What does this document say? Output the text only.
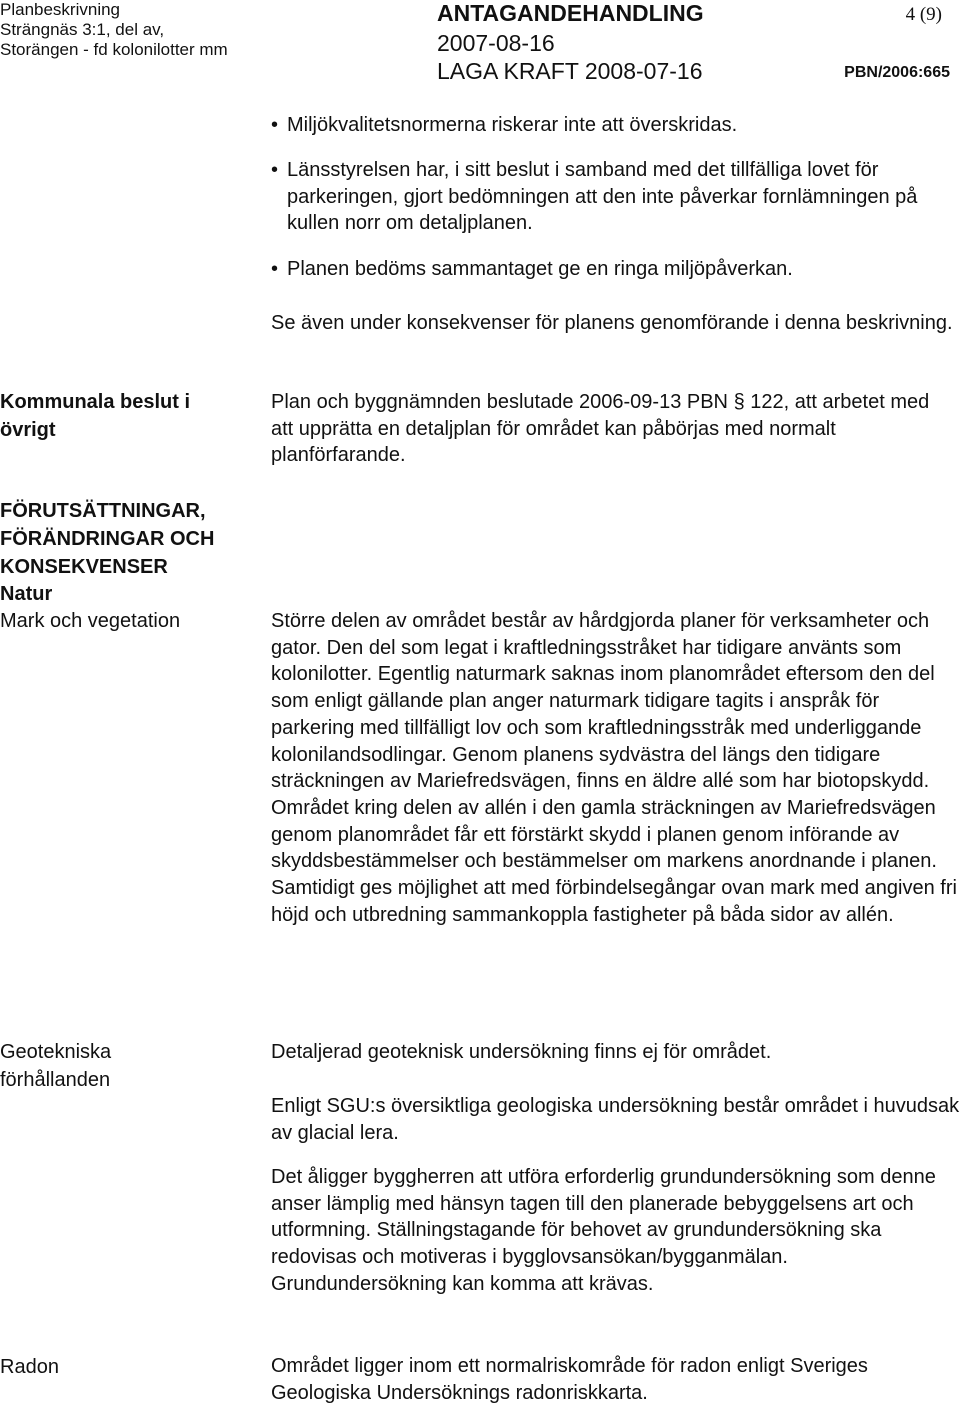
Planbeskrivning
Strängnäs 3:1, del av,
Storängen - fd kolonilotter mm
ANTAGANDEHANDLING
2007-08-16
LAGA KRAFT 2008-07-16
4 (9)
PBN/2006:665
• Miljökvalitetsnormerna riskerar inte att överskridas.
• Länsstyrelsen har, i sitt beslut i samband med det tillfälliga lovet för parkeringen, gjort bedömningen att den inte påverkar fornlämningen på kullen norr om detaljplanen.
• Planen bedöms sammantaget ge en ringa miljöpåverkan.

Se även under konsekvenser för planens genomförande i denna beskrivning.

Kommunala beslut i övrigt

Plan och byggnämnden beslutade 2006-09-13 PBN § 122, att arbetet med att upprätta en detaljplan för området kan påbörjas med normalt planförfarande.

FÖRUTSÄTTNINGAR, FÖRÄNDRINGAR OCH KONSEKVENSER
Natur
Mark och vegetation	Större delen av området består av hårdgjorda planer för verksamheter och gator. Den del som legat i kraftledningsstråket har tidigare använts som kolonilotter. Egentlig naturmark saknas inom planområdet eftersom den del som enligt gällande plan anger naturmark tidigare tagits i anspråk för parkering med tillfälligt lov och som kraftledningsstråk med underliggande kolonilandsodlingar. Genom planens sydvästra del längs den tidigare sträckningen av Mariefredsvägen, finns en äldre allé som har biotopskydd. Området kring delen av allén i den gamla sträckningen av Mariefredsvägen genom planområdet får ett förstärkt skydd i planen genom införande av skyddsbestämmelser och bestämmelser om markens anordnande i planen. Samtidigt ges möjlighet att med förbindelsegångar ovan mark med angiven fri höjd och utbredning sammankoppla fastigheter på båda sidor av allén.

Geotekniska förhållanden

Detaljerad geoteknisk undersökning finns ej för området.

Enligt SGU:s översiktliga geologiska undersökning består området i huvudsak av glacial lera.

Det åligger byggherren att utföra erforderlig grundundersökning som denne anser lämplig med hänsyn tagen till den planerade bebyggelsens art och utformning. Ställningstagande för behovet av grundundersökning ska redovisas och motiveras i bygglovsansökan/bygganmälan. Grundundersökning kan komma att krävas.

Radon	Området ligger inom ett normalriskområde för radon enligt Sveriges Geologiska Undersöknings radonriskkarta.
